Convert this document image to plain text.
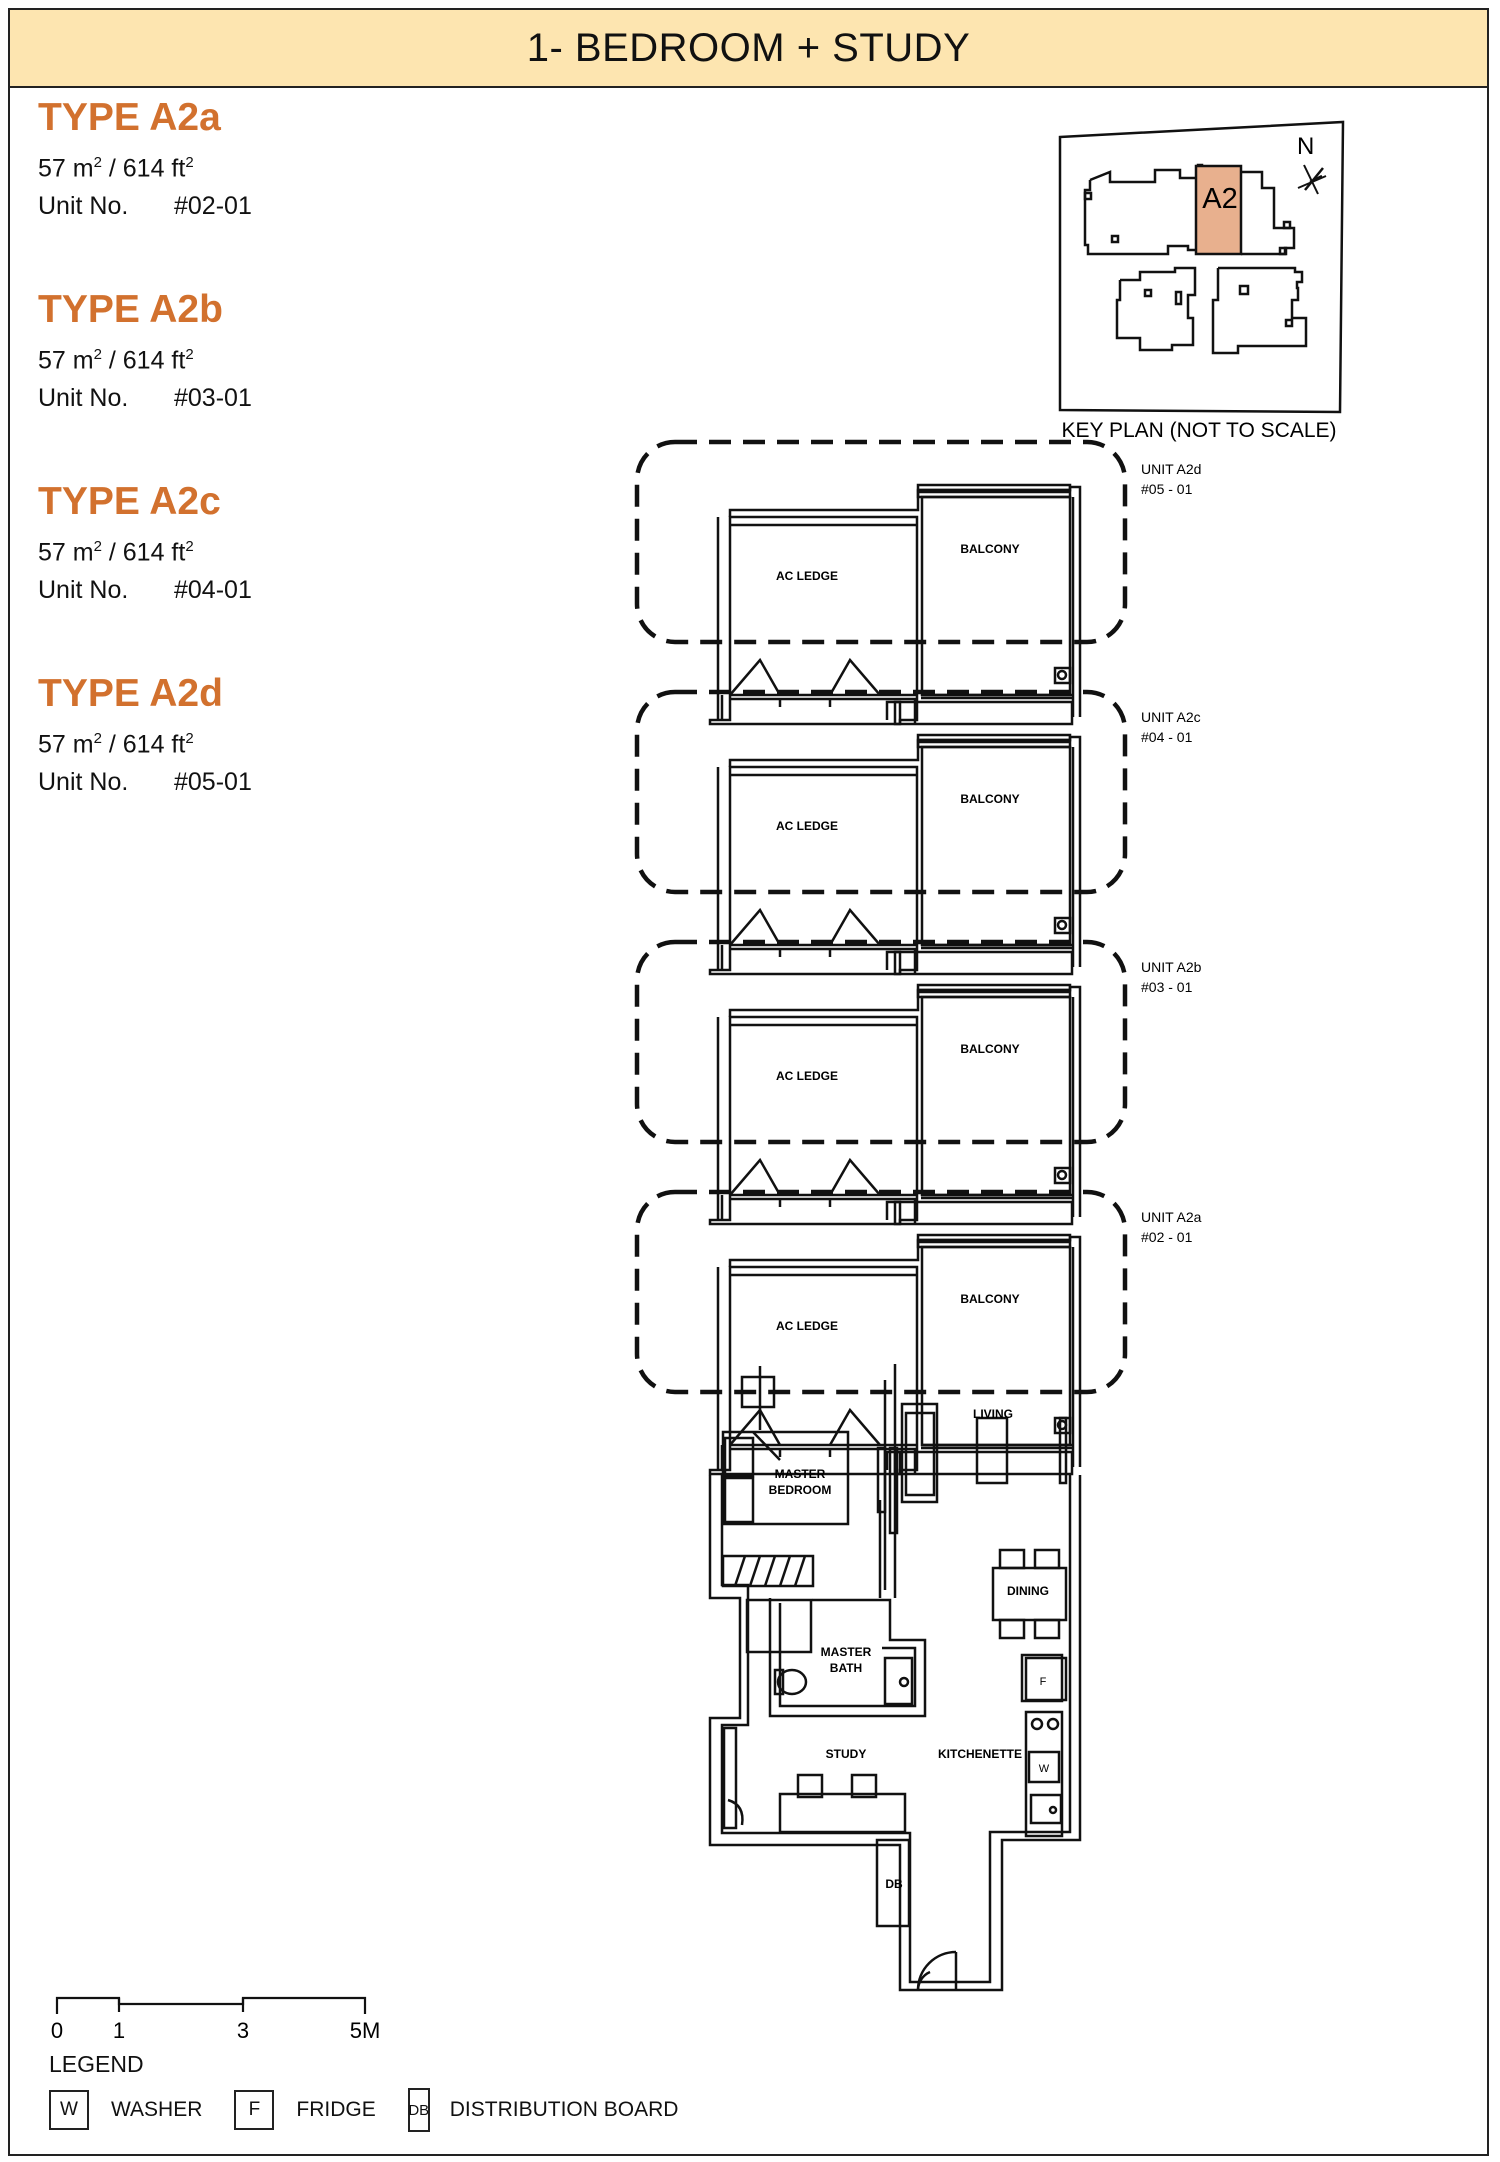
1- BEDROOM + STUDY
TYPE A2a
57 $m^2 / 614$ $ft^2$
Unit No. #02-01
TYPE A2b
57 $m^2 / 614$ $ft^2$
Unit No. #03-01
TYPE A2c
57 $m^2 / 614$ $ft^2$
Unit No. #04-01
TYPE A2d
57 $m^2 / 614$ $ft^2$
Unit No. #05-01
BALCONY
AC LEDGE
UNIT A2d
#05 - 01
BALCONY
AC LEDGE
UNIT A2c
#04 - 01
BALCONY
AC LEDGE
UNIT A2b
#03 - 01
BALCONY
AC LEDGE
UNIT A2a
#02 - 01
LIVING
MASTER
BEDROOM
DINING
MASTER
BATH
STUDY	KITCHENETTE
DB
F
W
A2
N
KEY PLAN (NOT TO SCALE)
0 1	3	5M
LEGEND
W	WASHER	F	FRIDGE DB DISTRIBUTION BOARD
